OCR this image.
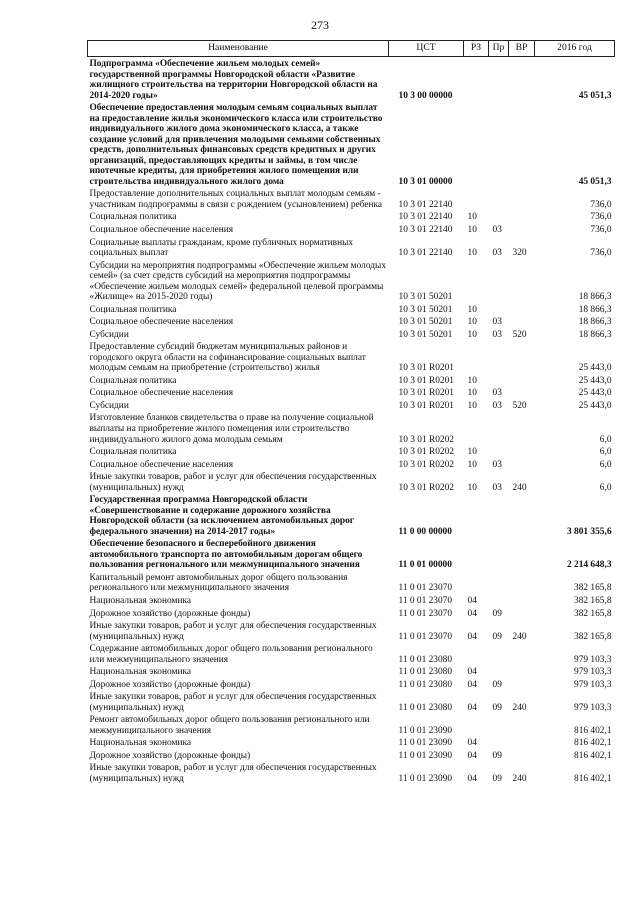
273
Наименование	ЦСТ	РЗ	Пр	ВР	2016 год
Подпрограмма «Обеспечение жильем молодых семей» государственной программы Новгородской области «Развитие жилищного строительства на территории Новгородской области на 2014-2020 годы»	10 3 00 00000				45 051,3
Обеспечение предоставления молодым семьям социальных выплат на предоставление жилья экономического класса или строительство индивидуального жилого дома экономического класса, а также создание условий для привлечения молодыми семьями собственных средств, дополнительных финансовых средств кредитных и других организаций, предоставляющих кредиты и займы, в том числе ипотечные кредиты, для приобретения жилого помещения или строительства индивидуального жилого дома	10 3 01 00000				45 051,3
Предоставление дополнительных социальных выплат молодым семьям - участникам подпрограммы в связи с рождением (усыновлением) ребенка	10 3 01 22140				736,0
Социальная политика	10 3 01 22140	10			736,0
Социальное обеспечение населения	10 3 01 22140	10	03		736,0
Социальные выплаты гражданам, кроме публичных нормативных социальных выплат	10 3 01 22140	10	03	320	736,0
Субсидии на мероприятия подпрограммы «Обеспечение жильем молодых семей» (за счет средств субсидий на мероприятия подпрограммы «Обеспечение жильем молодых семей» федеральной целевой программы «Жилище» на 2015-2020 годы)	10 3 01 50201				18 866,3
Социальная политика	10 3 01 50201	10			18 866,3
Социальное обеспечение населения	10 3 01 50201	10	03		18 866,3
Субсидии	10 3 01 50201	10	03	520	18 866,3
Предоставление субсидий бюджетам муниципальных районов и городского округа области на софинансирование социальных выплат молодым семьям на приобретение (строительство) жилья	10 3 01 R0201				25 443,0
Социальная политика	10 3 01 R0201	10			25 443,0
Социальное обеспечение населения	10 3 01 R0201	10	03		25 443,0
Субсидии	10 3 01 R0201	10	03	520	25 443,0
Изготовление бланков свидетельства о праве на получение социальной выплаты на приобретение жилого помещения или строительство индивидуального жилого дома молодым семьям	10 3 01 R0202				6,0
Социальная политика	10 3 01 R0202	10			6,0
Социальное обеспечение населения	10 3 01 R0202	10	03		6,0
Иные закупки товаров, работ и услуг для обеспечения государственных (муниципальных) нужд	10 3 01 R0202	10	03	240	6,0
Государственная программа Новгородской области «Совершенствование и содержание дорожного хозяйства Новгородской области (за исключением автомобильных дорог федерального значения) на 2014-2017 годы»	11 0 00 00000				3 801 355,6
Обеспечение безопасного и бесперебойного движения автомобильного транспорта по автомобильным дорогам общего пользования регионального или межмуниципального значения	11 0 01 00000				2 214 648,3
Капитальный ремонт автомобильных дорог общего пользования регионального или межмуниципального значения	11 0 01 23070				382 165,8
Национальная экономика	11 0 01 23070	04			382 165,8
Дорожное хозяйство (дорожные фонды)	11 0 01 23070	04	09		382 165,8
Иные закупки товаров, работ и услуг для обеспечения государственных (муниципальных) нужд	11 0 01 23070	04	09	240	382 165,8
Содержание автомобильных дорог общего пользования регионального или межмуниципального значения	11 0 01 23080				979 103,3
Национальная экономика	11 0 01 23080	04			979 103,3
Дорожное хозяйство (дорожные фонды)	11 0 01 23080	04	09		979 103,3
Иные закупки товаров, работ и услуг для обеспечения государственных (муниципальных) нужд	11 0 01 23080	04	09	240	979 103,3
Ремонт автомобильных дорог общего пользования регионального или межмуниципального значения	11 0 01 23090				816 402,1
Национальная экономика	11 0 01 23090	04			816 402,1
Дорожное хозяйство (дорожные фонды)	11 0 01 23090	04	09		816 402,1
Иные закупки товаров, работ и услуг для обеспечения государственных (муниципальных) нужд	11 0 01 23090	04	09	240	816 402,1
